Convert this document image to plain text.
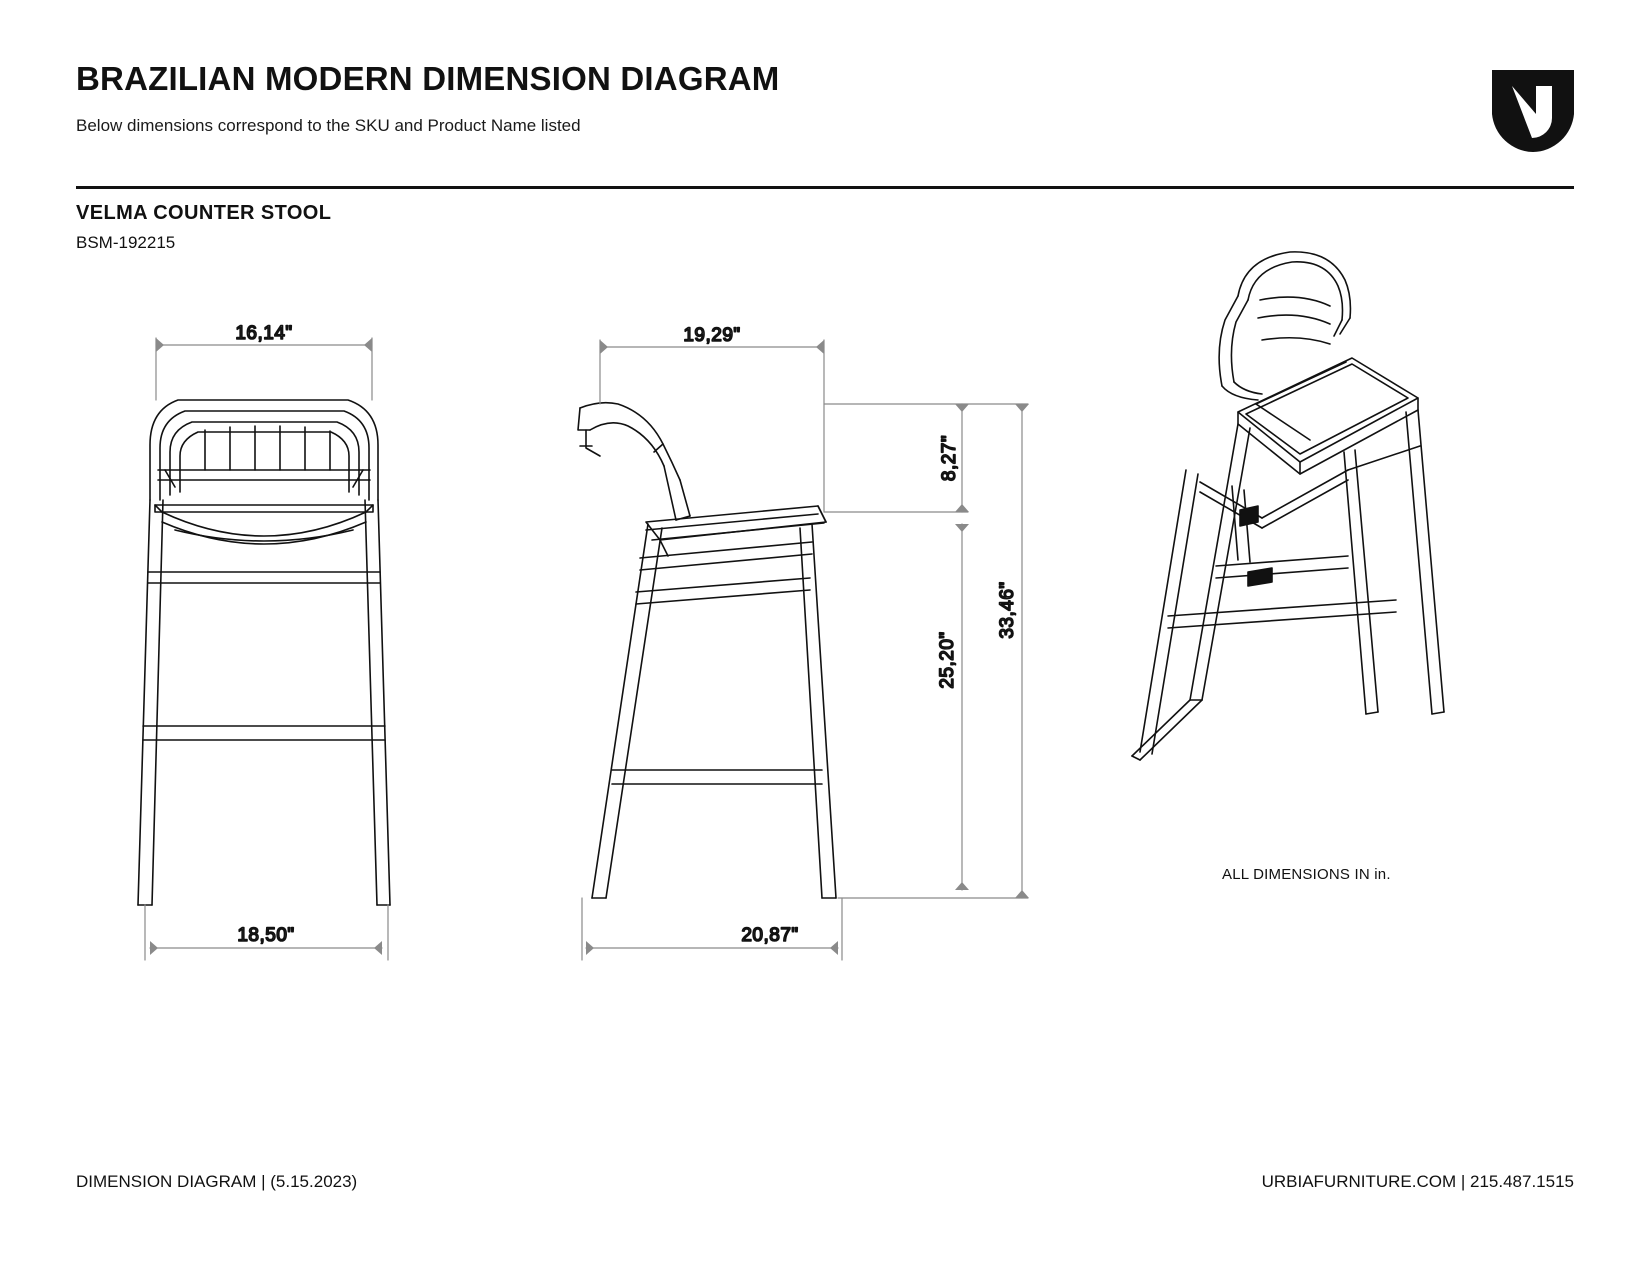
BRAZILIAN MODERN DIMENSION DIAGRAM
Below dimensions correspond to the SKU and Product Name listed
VELMA COUNTER STOOL
BSM-192215
16,14"
18,50"
19,29"
20,87"
8,27"
25,20"
33,46"
ALL DIMENSIONS IN in.
DIMENSION DIAGRAM | (5.15.2023)	URBIAFURNITURE.COM | 215.487.1515
